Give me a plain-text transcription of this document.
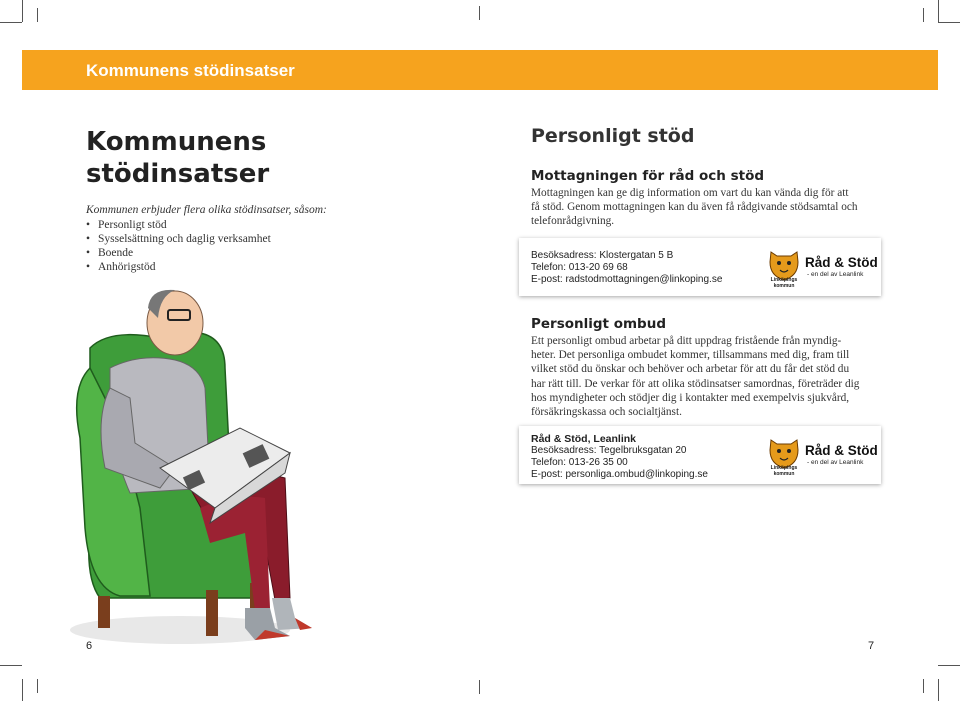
Kommunens stödinsatser
Kommunens stödinsatser
Kommunen erbjuder flera olika stödinsatser, såsom:
• Personligt stöd
• Sysselsättning och daglig verksamhet
• Boende
• Anhörigstöd
6
Personligt stöd
Mottagningen för råd och stöd
Mottagningen kan ge dig information om vart du kan vända dig för att
få stöd. Genom mottagningen kan du även få rådgivande stödsamtal och
telefonrådgivning.
Besöksadress: Klostergatan 5 B
Telefon: 013-20 69 68
E-post: radstodmottagningen@linkoping.se	Linköpings
kommun
Råd & Stöd
- en del av Leanlink
Personligt ombud
Ett personligt ombud arbetar på ditt uppdrag fristående från myndig-
heter. Det personliga ombudet kommer, tillsammans med dig, fram till
vilket stöd du önskar och behöver och arbetar för att du får det stöd du
har rätt till. De verkar för att olika stödinsatser samordnas, företräder dig
hos myndigheter och stödjer dig i kontakter med exempelvis sjukvård,
försäkringskassa och socialtjänst.
Råd & Stöd, Leanlink
Besöksadress: Tegelbruksgatan 20
Telefon: 013-26 35 00
E-post: personliga.ombud@linkoping.se
Linköpings
kommun
Råd & Stöd
- en del av Leanlink
7
